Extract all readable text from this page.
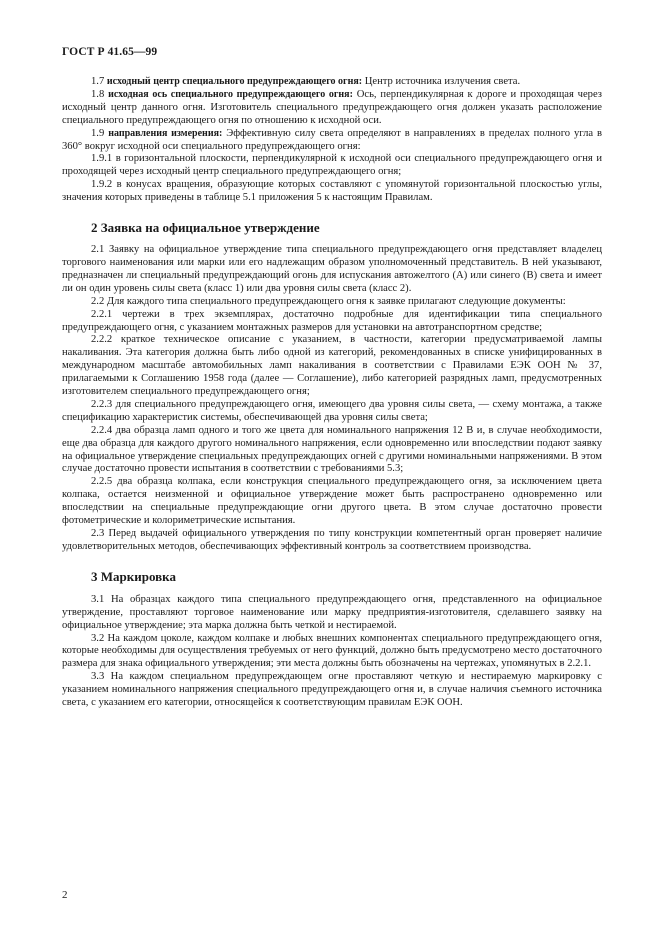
ГОСТ Р 41.65—99

1.7 исходный центр специального предупреждающего огня: Центр источника излучения света.

1.8 исходная ось специального предупреждающего огня: Ось, перпендикулярная к дороге и проходящая через исходный центр данного огня. Изготовитель специального предупреждающего огня должен указать расположение специального предупреждающего огня по отношению к исходной оси.

1.9 направления измерения: Эффективную силу света определяют в направлениях в пределах полного угла в 360° вокруг исходной оси специального предупреждающего огня:

1.9.1 в горизонтальной плоскости, перпендикулярной к исходной оси специального предупреждающего огня и проходящей через исходный центр специального предупреждающего огня;

1.9.2 в конусах вращения, образующие которых составляют с упомянутой горизонтальной плоскостью углы, значения которых приведены в таблице 5.1 приложения 5 к настоящим Правилам.

2 Заявка на официальное утверждение

2.1 Заявку на официальное утверждение типа специального предупреждающего огня представляет владелец торгового наименования или марки или его надлежащим образом уполномоченный представитель. В ней указывают, предназначен ли специальный предупреждающий огонь для испускания автожелтого (А) или синего (В) света и имеет ли он один уровень силы света (класс 1) или два уровня силы света (класс 2).

2.2 Для каждого типа специального предупреждающего огня к заявке прилагают следующие документы:

2.2.1 чертежи в трех экземплярах, достаточно подробные для идентификации типа специального предупреждающего огня, с указанием монтажных размеров для установки на автотранспортном средстве;

2.2.2 краткое техническое описание с указанием, в частности, категории предусматриваемой лампы накаливания. Эта категория должна быть либо одной из категорий, рекомендованных в списке унифицированных в международном масштабе автомобильных ламп накаливания в соответствии с Правилами ЕЭК ООН № 37, прилагаемыми к Соглашению 1958 года (далее — Соглашение), либо категорией разрядных ламп, предусмотренных изготовителем специального предупреждающего огня;

2.2.3 для специального предупреждающего огня, имеющего два уровня силы света, — схему монтажа, а также спецификацию характеристик системы, обеспечивающей два уровня силы света;

2.2.4 два образца ламп одного и того же цвета для номинального напряжения 12 В и, в случае необходимости, еще два образца для каждого другого номинального напряжения, если одновременно или впоследствии подают заявку на официальное утверждение специальных предупреждающих огней с другими номинальными напряжениями. В этом случае достаточно провести испытания в соответствии с требованиями 5.3;

2.2.5 два образца колпака, если конструкция специального предупреждающего огня, за исключением цвета колпака, остается неизменной и официальное утверждение может быть распространено одновременно или впоследствии на специальные предупреждающие огни другого цвета. В этом случае достаточно провести фотометрические и колориметрические испытания.

2.3 Перед выдачей официального утверждения по типу конструкции компетентный орган проверяет наличие удовлетворительных методов, обеспечивающих эффективный контроль за соответствием производства.

3 Маркировка

3.1 На образцах каждого типа специального предупреждающего огня, представленного на официальное утверждение, проставляют торговое наименование или марку предприятия-изготовителя, сделавшего заявку на официальное утверждение; эта марка должна быть четкой и нестираемой.

3.2 На каждом цоколе, каждом колпаке и любых внешних компонентах специального предупреждающего огня, которые необходимы для осуществления требуемых от него функций, должно быть предусмотрено место достаточного размера для знака официального утверждения; эти места должны быть обозначены на чертежах, упомянутых в 2.2.1.

3.3 На каждом специальном предупреждающем огне проставляют четкую и нестираемую маркировку с указанием номинального напряжения специального предупреждающего огня и, в случае наличия съемного источника света, с указанием его категории, относящейся к соответствующим правилам ЕЭК ООН.

2
